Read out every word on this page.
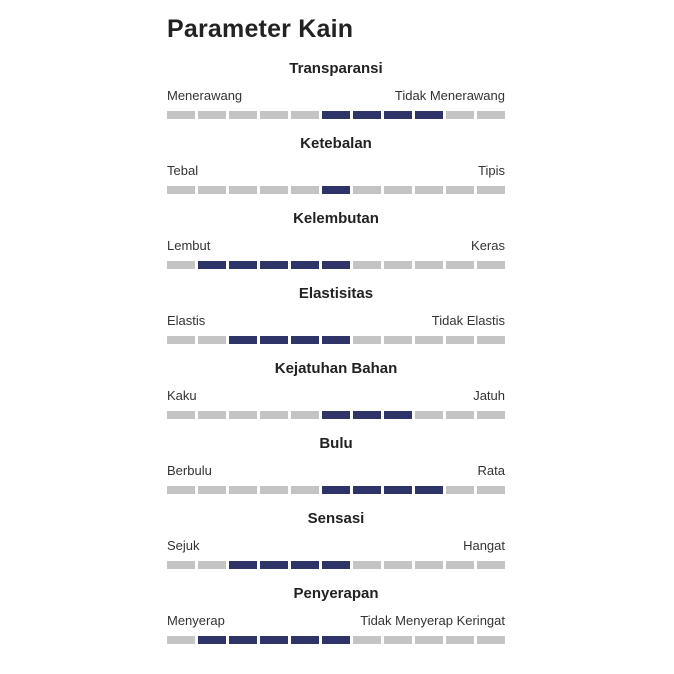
Parameter Kain
Transparansi
Menerawang	Tidak Menerawang
Ketebalan
Tebal	Tipis
Kelembutan
Lembut	Keras
Elastisitas
Elastis	Tidak Elastis
Kejatuhan Bahan
Kaku	Jatuh
Bulu
Berbulu	Rata
Sensasi
Sejuk	Hangat
Penyerapan
Menyerap	Tidak Menyerap Keringat
